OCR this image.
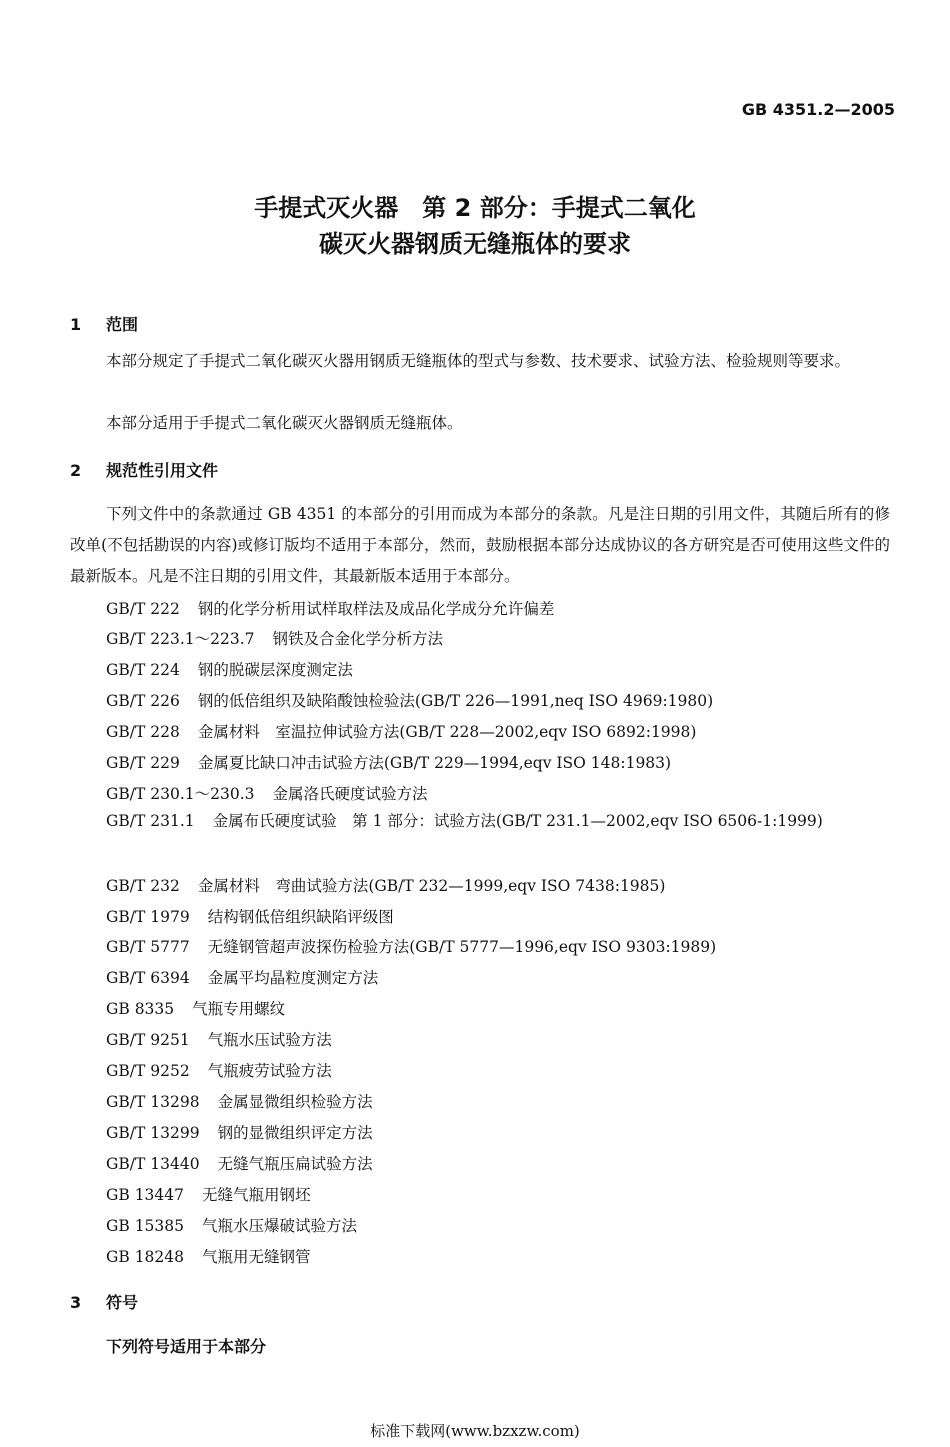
GB 4351.2—2005
手提式灭火器　第 2 部分：手提式二氧化
碳灭火器钢质无缝瓶体的要求
1 范围
本部分规定了手提式二氧化碳灭火器用钢质无缝瓶体的型式与参数、技术要求、试验方法、检验规则等要求。
本部分适用于手提式二氧化碳灭火器钢质无缝瓶体。
2 规范性引用文件
下列文件中的条款通过 GB 4351 的本部分的引用而成为本部分的条款。凡是注日期的引用文件，其随后所有的修改单(不包括勘误的内容)或修订版均不适用于本部分，然而，鼓励根据本部分达成协议的各方研究是否可使用这些文件的最新版本。凡是不注日期的引用文件，其最新版本适用于本部分。
GB/T 222 钢的化学分析用试样取样法及成品化学成分允许偏差
GB/T 223.1～223.7 钢铁及合金化学分析方法
GB/T 224 钢的脱碳层深度测定法
GB/T 226 钢的低倍组织及缺陷酸蚀检验法(GB/T 226—1991,neq ISO 4969:1980)
GB/T 228 金属材料　室温拉伸试验方法(GB/T 228—2002,eqv ISO 6892:1998)
GB/T 229 金属夏比缺口冲击试验方法(GB/T 229—1994,eqv ISO 148:1983)
GB/T 230.1～230.3 金属洛氏硬度试验方法
GB/T 231.1 金属布氏硬度试验　第 1 部分：试验方法(GB/T 231.1—2002,eqv ISO 6506-1:1999)
GB/T 232 金属材料　弯曲试验方法(GB/T 232—1999,eqv ISO 7438:1985)
GB/T 1979 结构钢低倍组织缺陷评级图
GB/T 5777 无缝钢管超声波探伤检验方法(GB/T 5777—1996,eqv ISO 9303:1989)
GB/T 6394 金属平均晶粒度测定方法
GB 8335 气瓶专用螺纹
GB/T 9251 气瓶水压试验方法
GB/T 9252 气瓶疲劳试验方法
GB/T 13298 金属显微组织检验方法
GB/T 13299 钢的显微组织评定方法
GB/T 13440 无缝气瓶压扁试验方法
GB 13447 无缝气瓶用钢坯
GB 15385 气瓶水压爆破试验方法
GB 18248 气瓶用无缝钢管
3 符号
下列符号适用于本部分
标准下载网(www.bzxzw.com)
